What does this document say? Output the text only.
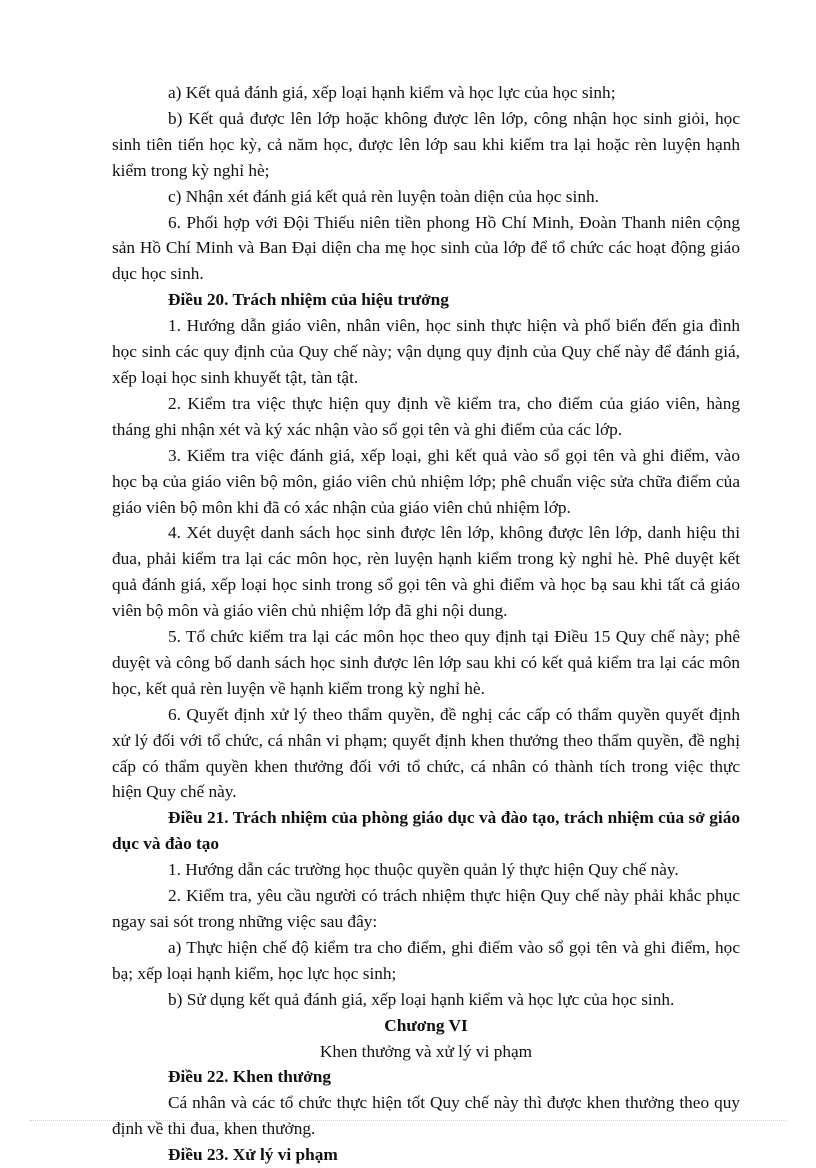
a) Kết quả đánh giá, xếp loại hạnh kiểm và học lực của học sinh;

b) Kết quả được lên lớp hoặc không được lên lớp, công nhận học sinh giỏi, học sinh tiên tiến học kỳ, cả năm học, được lên lớp sau khi kiểm tra lại hoặc rèn luyện hạnh kiểm trong kỳ nghỉ hè;

c) Nhận xét đánh giá kết quả rèn luyện toàn diện của học sinh.

6. Phối hợp với Đội Thiếu niên tiền phong Hồ Chí Minh, Đoàn Thanh niên cộng sản Hồ Chí Minh và Ban Đại diện cha mẹ học sinh của lớp để tổ chức các hoạt động giáo dục học sinh.

Điều 20. Trách nhiệm của hiệu trưởng

1. Hướng dẫn giáo viên, nhân viên, học sinh thực hiện và phổ biến đến gia đình học sinh các quy định của Quy chế này; vận dụng quy định của Quy chế này để đánh giá, xếp loại học sinh khuyết tật, tàn tật.

2. Kiểm tra việc thực hiện quy định về kiểm tra, cho điểm của giáo viên, hàng tháng ghi nhận xét và ký xác nhận vào sổ gọi tên và ghi điểm của các lớp.

3. Kiểm tra việc đánh giá, xếp loại, ghi kết quả vào sổ gọi tên và ghi điểm, vào học bạ của giáo viên bộ môn, giáo viên chủ nhiệm lớp; phê chuẩn việc sửa chữa điểm của giáo viên bộ môn khi đã có xác nhận của giáo viên chủ nhiệm lớp.

4. Xét duyệt danh sách học sinh được lên lớp, không được lên lớp, danh hiệu thi đua, phải kiểm tra lại các môn học, rèn luyện hạnh kiểm trong kỳ nghỉ hè. Phê duyệt kết quả đánh giá, xếp loại học sinh trong sổ gọi tên và ghi điểm và học bạ sau khi tất cả giáo viên bộ môn và giáo viên chủ nhiệm lớp đã ghi nội dung.

5. Tổ chức kiểm tra lại các môn học theo quy định tại Điều 15 Quy chế này; phê duyệt và công bố danh sách học sinh được lên lớp sau khi có kết quả kiểm tra lại các môn học, kết quả rèn luyện về hạnh kiểm trong kỳ nghỉ hè.

6. Quyết định xử lý theo thẩm quyền, đề nghị các cấp có thẩm quyền quyết định xử lý đối với tổ chức, cá nhân vi phạm; quyết định khen thưởng theo thẩm quyền, đề nghị cấp có thẩm quyền khen thưởng đối với tổ chức, cá nhân có thành tích trong việc thực hiện Quy chế này.

Điều 21. Trách nhiệm của phòng giáo dục và đào tạo, trách nhiệm của sở giáo dục và đào tạo

1. Hướng dẫn các trường học thuộc quyền quản lý thực hiện Quy chế này.

2. Kiểm tra, yêu cầu người có trách nhiệm thực hiện Quy chế này phải khắc phục ngay sai sót trong những việc sau đây:

a) Thực hiện chế độ kiểm tra cho điểm, ghi điểm vào sổ gọi tên và ghi điểm, học bạ; xếp loại hạnh kiểm, học lực học sinh;

b) Sử dụng kết quả đánh giá, xếp loại hạnh kiểm và học lực của học sinh.

Chương VI

Khen thưởng và xử lý vi phạm

Điều 22. Khen thưởng

Cá nhân và các tổ chức thực hiện tốt Quy chế này thì được khen thưởng theo quy định về thi đua, khen thưởng.

Điều 23. Xử lý vi phạm
